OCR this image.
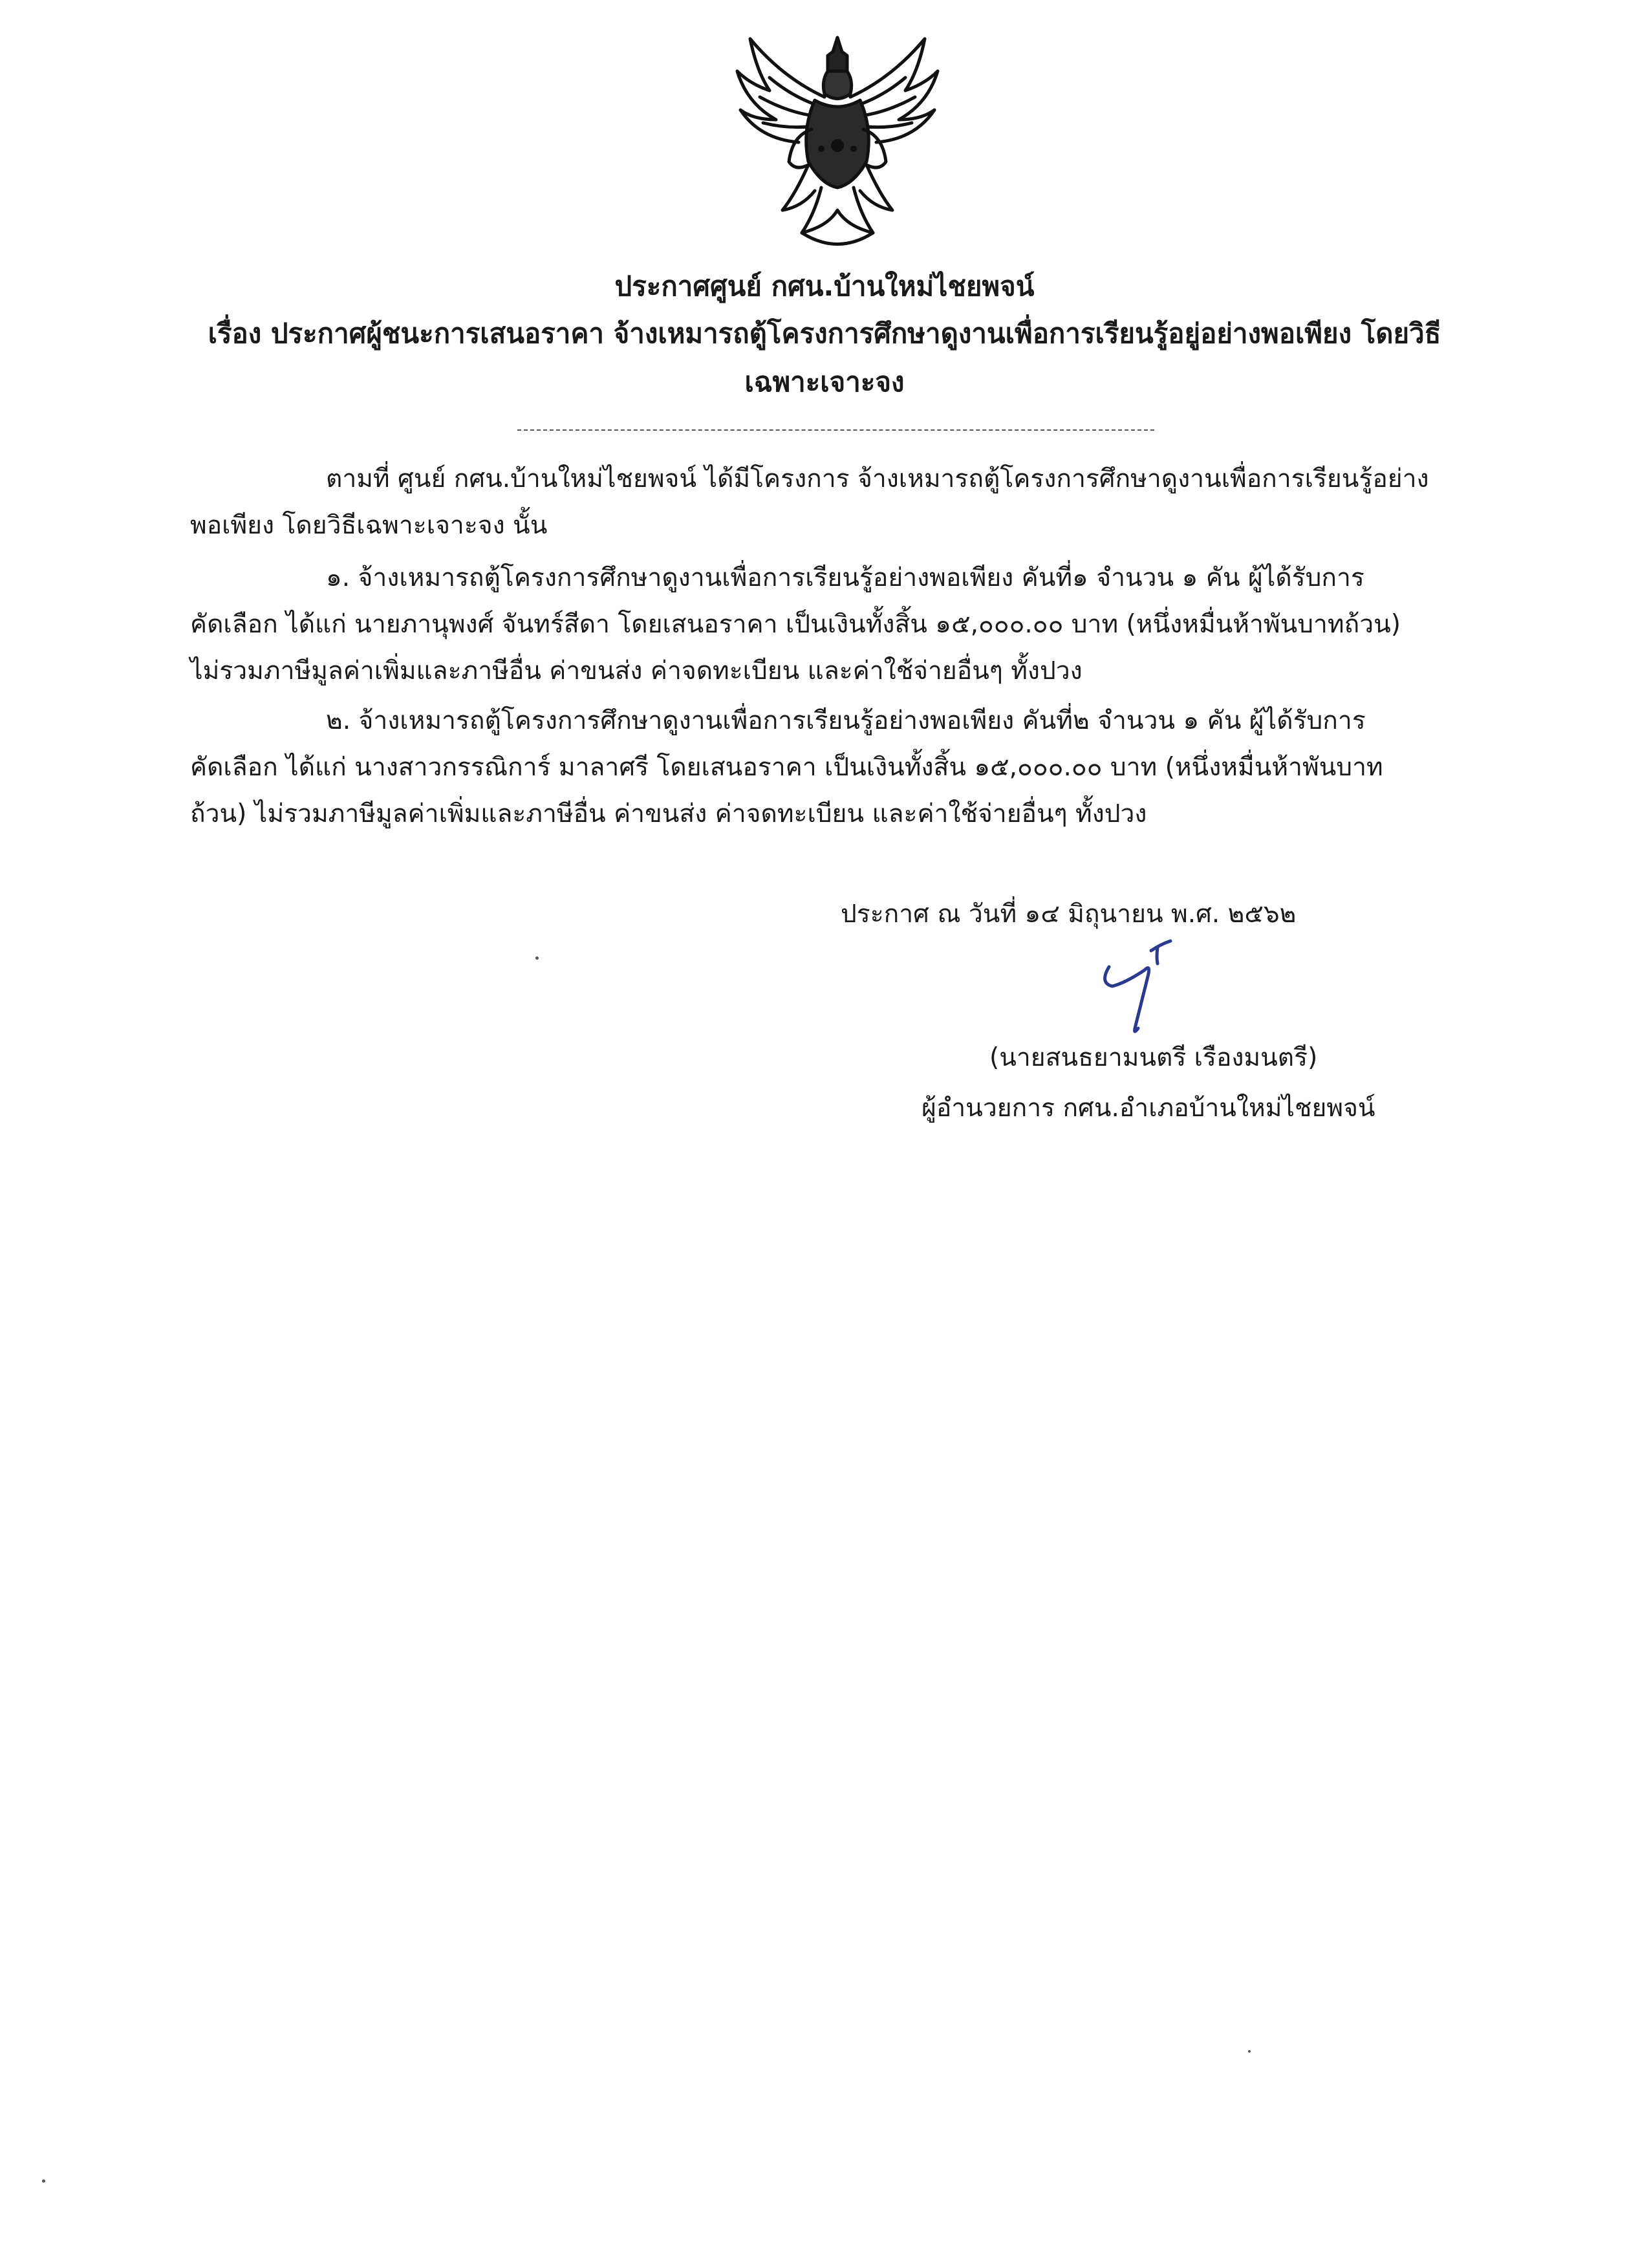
ประกาศศูนย์ กศน.บ้านใหม่ไชยพจน์
เรื่อง ประกาศผู้ชนะการเสนอราคา จ้างเหมารถตู้โครงการศึกษาดูงานเพื่อการเรียนรู้อยู่อย่างพอเพียง โดยวิธี
เฉพาะเจาะจง
ตามที่ ศูนย์ กศน.บ้านใหม่ไชยพจน์ ได้มีโครงการ จ้างเหมารถตู้โครงการศึกษาดูงานเพื่อการเรียนรู้อย่าง
พอเพียง โดยวิธีเฉพาะเจาะจง นั้น
๑. จ้างเหมารถตู้โครงการศึกษาดูงานเพื่อการเรียนรู้อย่างพอเพียง คันที่๑ จำนวน ๑ คัน ผู้ได้รับการ
คัดเลือก ได้แก่ นายภานุพงศ์ จันทร์สีดา โดยเสนอราคา เป็นเงินทั้งสิ้น ๑๕,๐๐๐.๐๐ บาท (หนึ่งหมื่นห้าพันบาทถ้วน)
ไม่รวมภาษีมูลค่าเพิ่มและภาษีอื่น ค่าขนส่ง ค่าจดทะเบียน และค่าใช้จ่ายอื่นๆ ทั้งปวง
๒. จ้างเหมารถตู้โครงการศึกษาดูงานเพื่อการเรียนรู้อย่างพอเพียง คันที่๒ จำนวน ๑ คัน ผู้ได้รับการ
คัดเลือก ได้แก่ นางสาวกรรณิการ์ มาลาศรี โดยเสนอราคา เป็นเงินทั้งสิ้น ๑๕,๐๐๐.๐๐ บาท (หนึ่งหมื่นห้าพันบาท
ถ้วน) ไม่รวมภาษีมูลค่าเพิ่มและภาษีอื่น ค่าขนส่ง ค่าจดทะเบียน และค่าใช้จ่ายอื่นๆ ทั้งปวง
ประกาศ ณ วันที่ ๑๔ มิถุนายน พ.ศ. ๒๕๖๒
(นายสนธยามนตรี เรืองมนตรี)
ผู้อำนวยการ กศน.อำเภอบ้านใหม่ไชยพจน์
